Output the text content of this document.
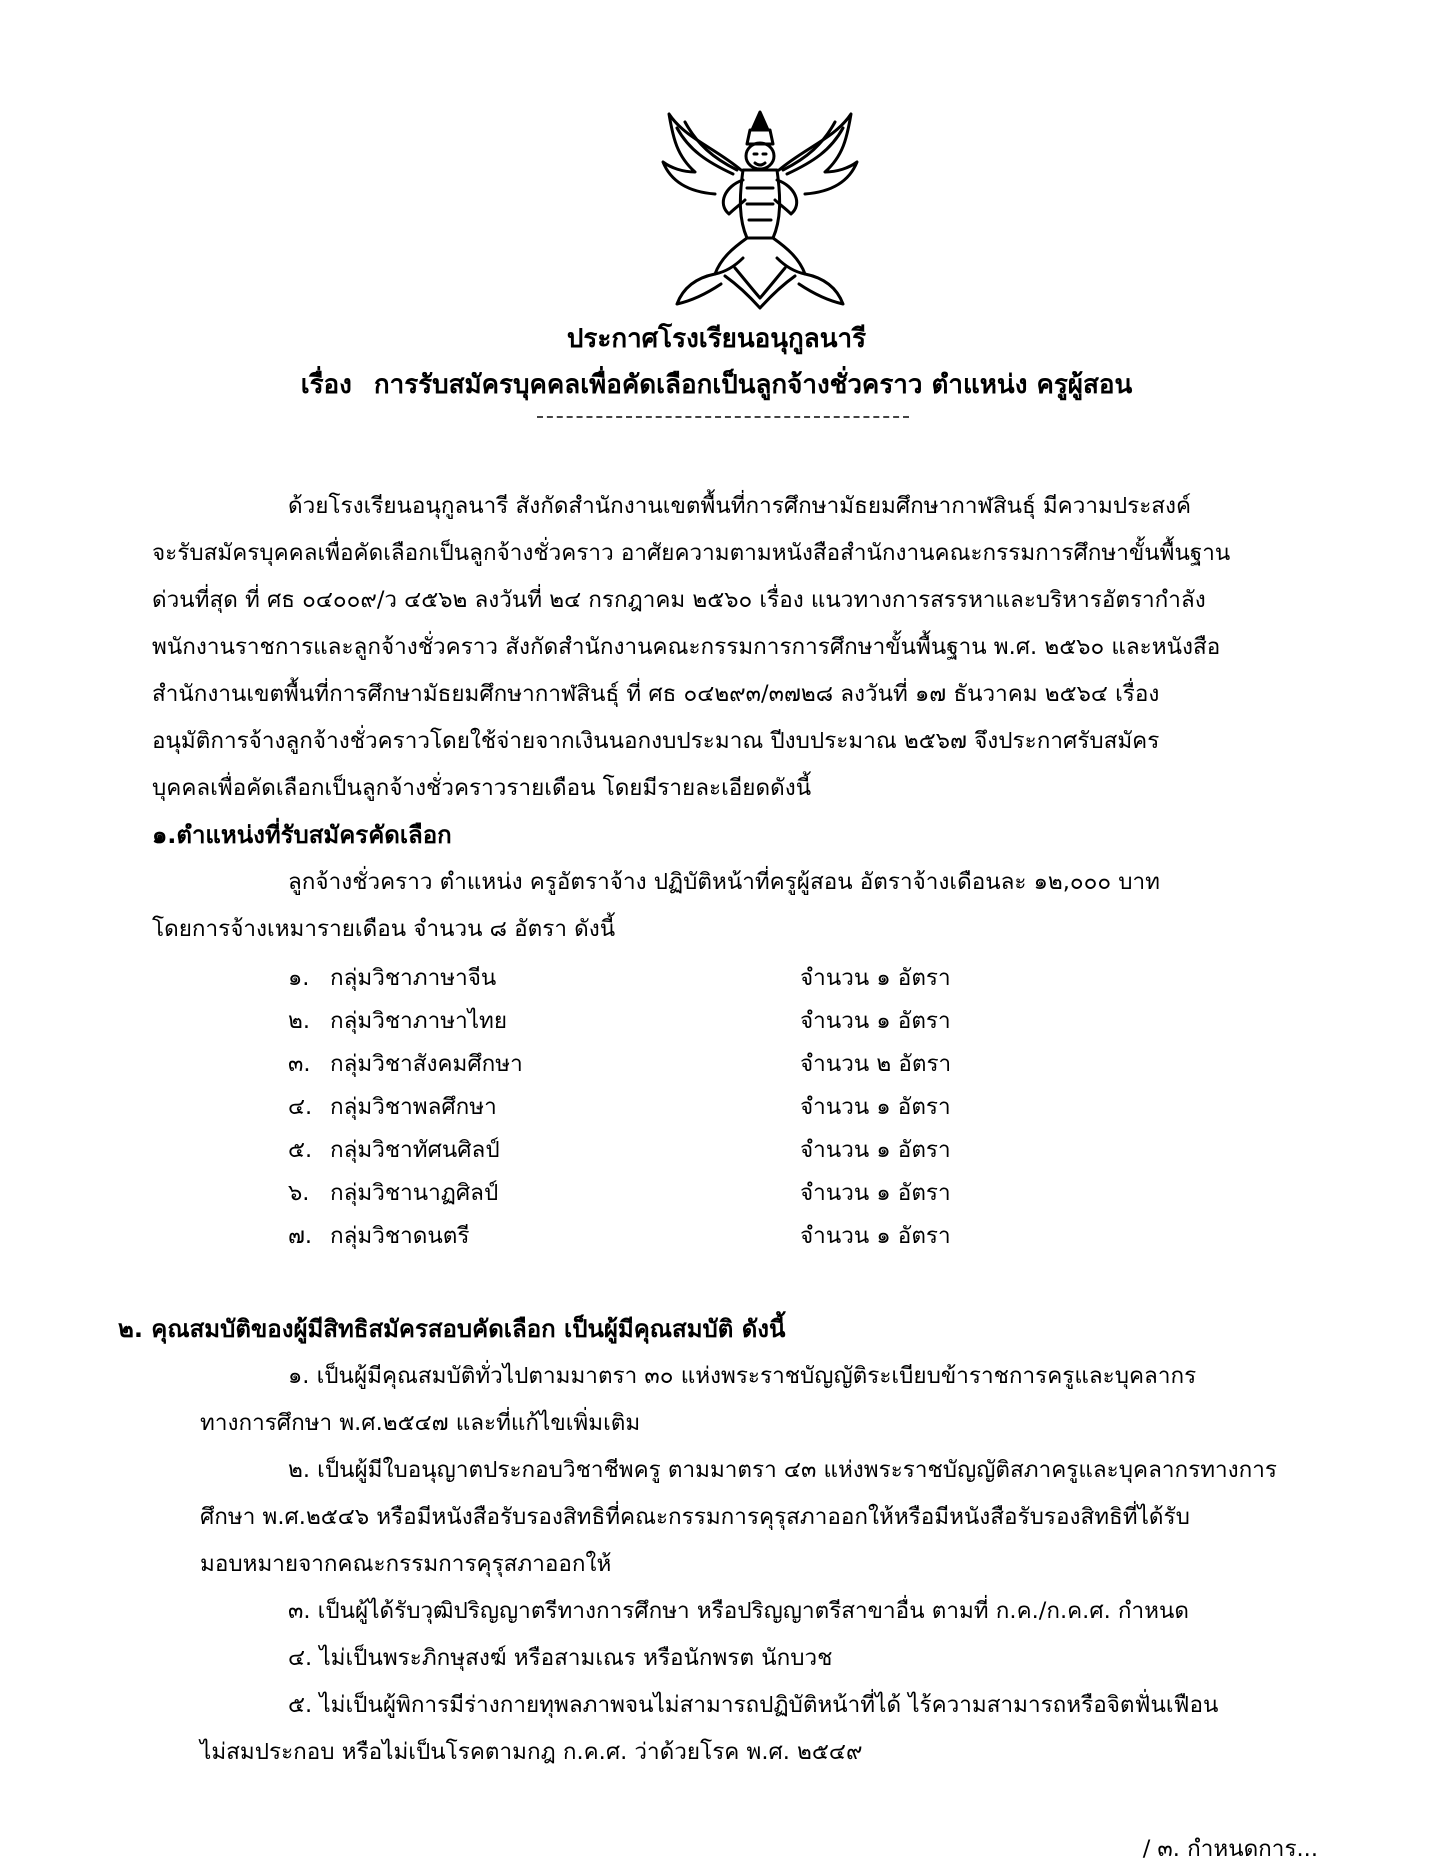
ประกาศโรงเรียนอนุกูลนารี
เรื่อง การรับสมัครบุคคลเพื่อคัดเลือกเป็นลูกจ้างชั่วคราว ตำแหน่ง ครูผู้สอน
ด้วยโรงเรียนอนุกูลนารี สังกัดสำนักงานเขตพื้นที่การศึกษามัธยมศึกษากาฬสินธุ์ มีความประสงค์
จะรับสมัครบุคคลเพื่อคัดเลือกเป็นลูกจ้างชั่วคราว อาศัยความตามหนังสือสำนักงานคณะกรรมการศึกษาขั้นพื้นฐาน
ด่วนที่สุด ที่ ศธ ๐๔๐๐๙/ว ๔๕๖๒ ลงวันที่ ๒๔ กรกฎาคม ๒๕๖๐ เรื่อง แนวทางการสรรหาและบริหารอัตรากำลัง
พนักงานราชการและลูกจ้างชั่วคราว สังกัดสำนักงานคณะกรรมการการศึกษาขั้นพื้นฐาน พ.ศ. ๒๕๖๐ และหนังสือ
สำนักงานเขตพื้นที่การศึกษามัธยมศึกษากาฬสินธุ์ ที่ ศธ ๐๔๒๙๓/๓๗๒๘ ลงวันที่ ๑๗ ธันวาคม ๒๕๖๔ เรื่อง
อนุมัติการจ้างลูกจ้างชั่วคราวโดยใช้จ่ายจากเงินนอกงบประมาณ ปีงบประมาณ ๒๕๖๗ จึงประกาศรับสมัคร
บุคคลเพื่อคัดเลือกเป็นลูกจ้างชั่วคราวรายเดือน โดยมีรายละเอียดดังนี้
๑.ตำแหน่งที่รับสมัครคัดเลือก
ลูกจ้างชั่วคราว ตำแหน่ง ครูอัตราจ้าง ปฏิบัติหน้าที่ครูผู้สอน อัตราจ้างเดือนละ ๑๒,๐๐๐ บาท
โดยการจ้างเหมารายเดือน จำนวน ๘ อัตรา ดังนี้
๑. กลุ่มวิชาภาษาจีน	จำนวน ๑ อัตรา
๒. กลุ่มวิชาภาษาไทย	จำนวน ๑ อัตรา
๓. กลุ่มวิชาสังคมศึกษา	จำนวน ๒ อัตรา
๔. กลุ่มวิชาพลศึกษา	จำนวน ๑ อัตรา
๕. กลุ่มวิชาทัศนศิลป์	จำนวน ๑ อัตรา
๖. กลุ่มวิชานาฏศิลป์	จำนวน ๑ อัตรา
๗. กลุ่มวิชาดนตรี	จำนวน ๑ อัตรา
๒. คุณสมบัติของผู้มีสิทธิสมัครสอบคัดเลือก เป็นผู้มีคุณสมบัติ ดังนี้
๑. เป็นผู้มีคุณสมบัติทั่วไปตามมาตรา ๓๐ แห่งพระราชบัญญัติระเบียบข้าราชการครูและบุคลากร
ทางการศึกษา พ.ศ.๒๕๔๗ และที่แก้ไขเพิ่มเติม
๒. เป็นผู้มีใบอนุญาตประกอบวิชาชีพครู ตามมาตรา ๔๓ แห่งพระราชบัญญัติสภาครูและบุคลากรทางการ
ศึกษา พ.ศ.๒๕๔๖ หรือมีหนังสือรับรองสิทธิที่คณะกรรมการคุรุสภาออกให้หรือมีหนังสือรับรองสิทธิที่ได้รับ
มอบหมายจากคณะกรรมการคุรุสภาออกให้
๓. เป็นผู้ได้รับวุฒิปริญญาตรีทางการศึกษา หรือปริญญาตรีสาขาอื่น ตามที่ ก.ค./ก.ค.ศ. กำหนด
๔. ไม่เป็นพระภิกษุสงฆ์ หรือสามเณร หรือนักพรต นักบวช
๕. ไม่เป็นผู้พิการมีร่างกายทุพลภาพจนไม่สามารถปฏิบัติหน้าที่ได้ ไร้ความสามารถหรือจิตฟั่นเฟือน
ไม่สมประกอบ หรือไม่เป็นโรคตามกฎ ก.ค.ศ. ว่าด้วยโรค พ.ศ. ๒๕๔๙
/ ๓. กำหนดการ...
